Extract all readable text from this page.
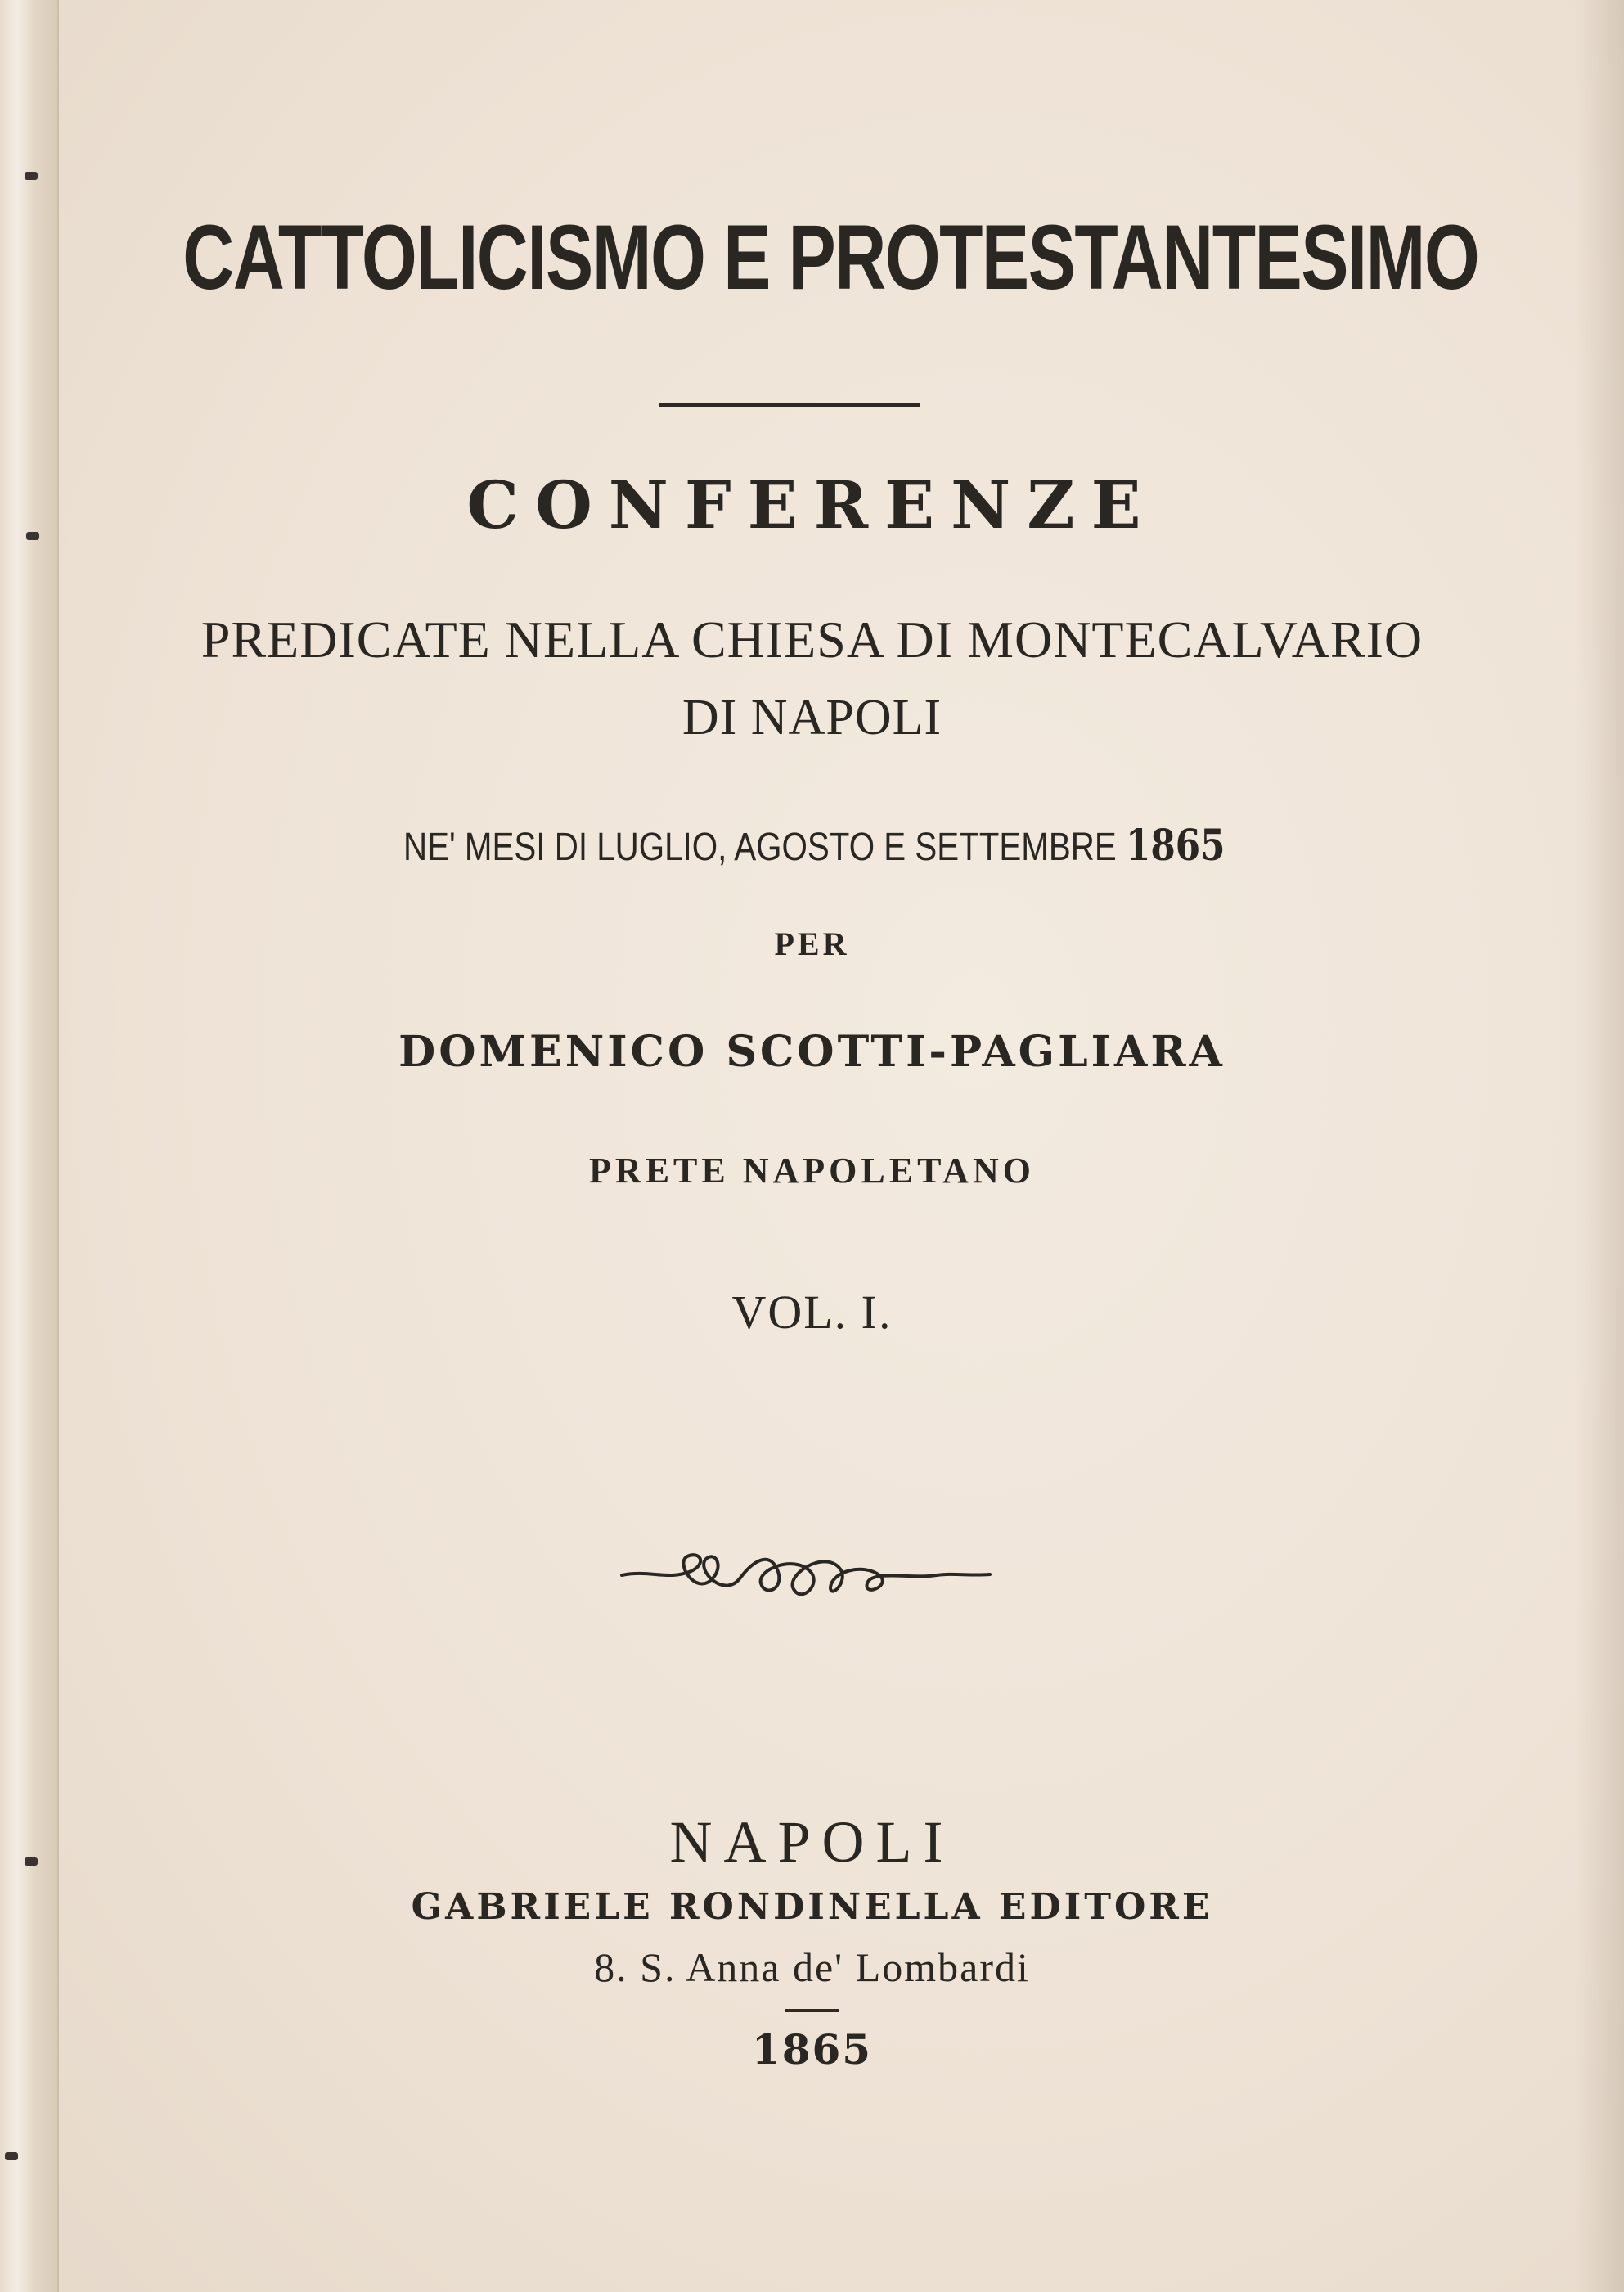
CATTOLICISMO E PROTESTANTESIMO
CONFERENZE
PREDICATE NELLA CHIESA DI MONTECALVARIO
DI NAPOLI
NE' MESI DI LUGLIO, AGOSTO E SETTEMBRE 1865
PER
DOMENICO SCOTTI-PAGLIARA
PRETE NAPOLETANO
VOL. I.
NAPOLI
GABRIELE RONDINELLA EDITORE
8. S. Anna de' Lombardi
1865
